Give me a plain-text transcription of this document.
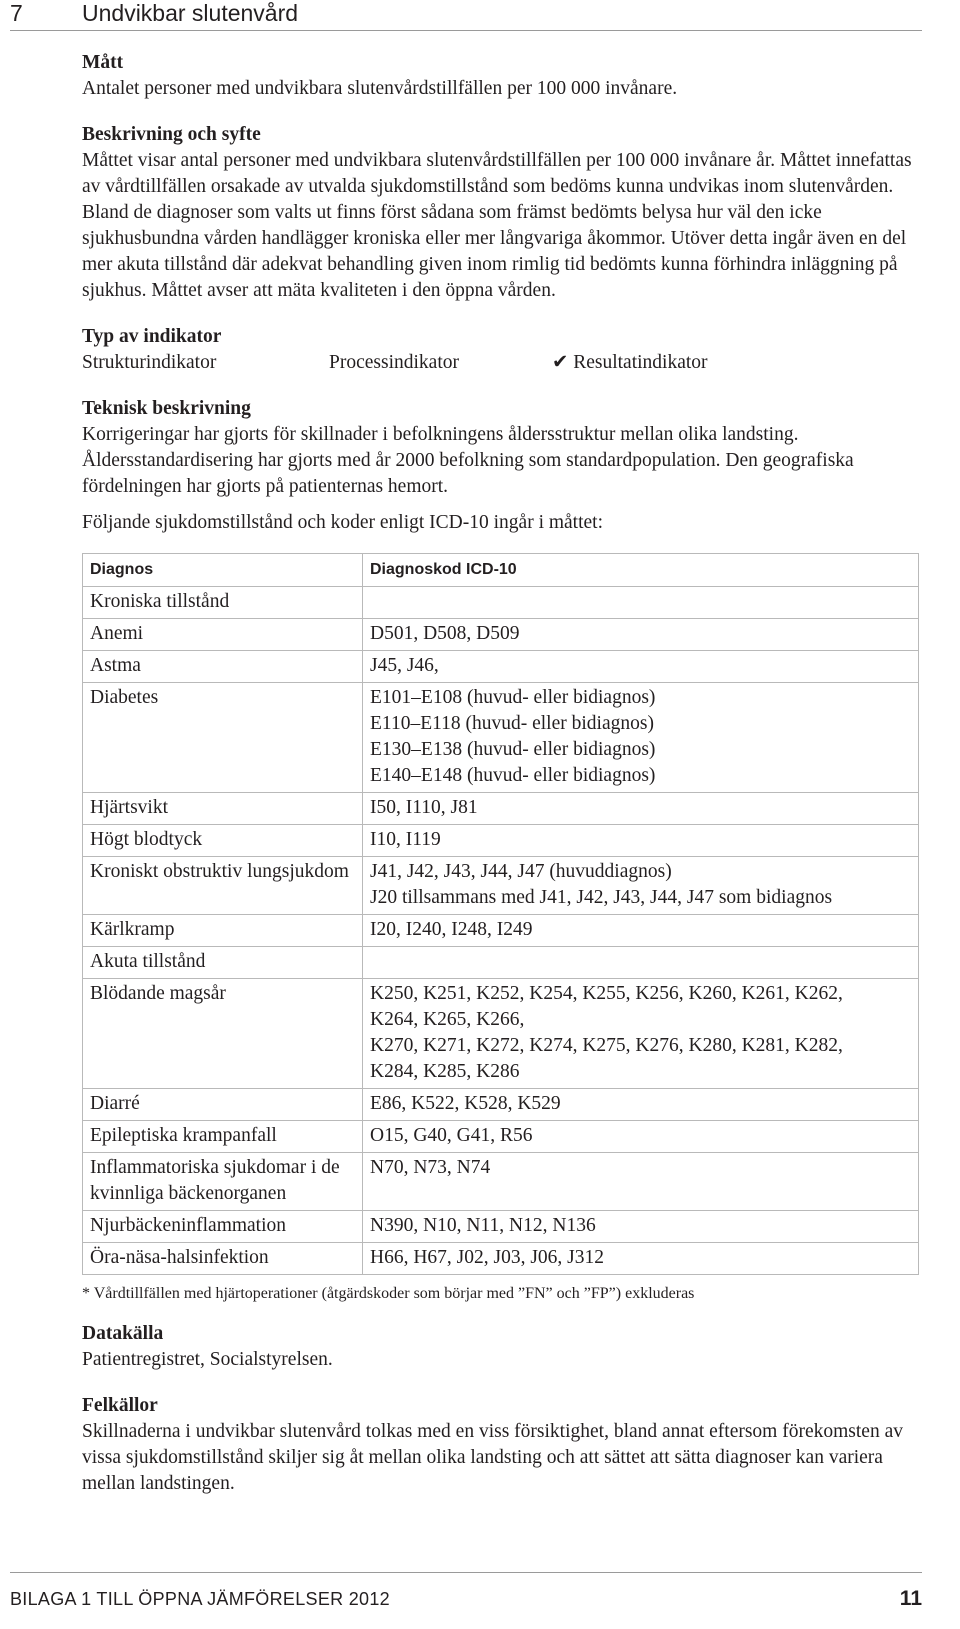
7	Undvikbar slutenvård
Mått
Antalet personer med undvikbara slutenvårdstillfällen per 100 000 invånare.
Beskrivning och syfte
Måttet visar antal personer med undvikbara slutenvårdstillfällen per 100 000 invånare år. Måttet innefattas av vårdtillfällen orsakade av utvalda sjukdomstillstånd som bedöms kunna undvikas inom slutenvården. Bland de diagnoser som valts ut finns först sådana som främst bedömts belysa hur väl den icke sjukhusbundna vården handlägger kroniska eller mer långvariga åkommor. Utöver detta ingår även en del mer akuta tillstånd där adekvat behandling given inom rimlig tid bedömts kunna förhindra inläggning på sjukhus. Måttet avser att mäta kvaliteten i den öppna vården.
Typ av indikator
Strukturindikator	Processindikator	✔ Resultatindikator
Teknisk beskrivning
Korrigeringar har gjorts för skillnader i befolkningens åldersstruktur mellan olika landsting. Åldersstandardisering har gjorts med år 2000 befolkning som standardpopulation. Den geografiska fördelningen har gjorts på patienternas hemort.
Följande sjukdomstillstånd och koder enligt ICD-10 ingår i måttet:
Diagnos	Diagnoskod ICD-10
Kroniska tillstånd	
Anemi	D501, D508, D509
Astma	J45, J46,
Diabetes	E101–E108 (huvud- eller bidiagnos)
E110–E118 (huvud- eller bidiagnos)
E130–E138 (huvud- eller bidiagnos)
E140–E148 (huvud- eller bidiagnos)
Hjärtsvikt	I50, I110, J81
Högt blodtyck	I10, I119
Kroniskt obstruktiv lungsjukdom	J41, J42, J43, J44, J47 (huvuddiagnos)
J20 tillsammans med J41, J42, J43, J44, J47 som bidiagnos
Kärlkramp	I20, I240, I248, I249
Akuta tillstånd	
Blödande magsår	K250, K251, K252, K254, K255, K256, K260, K261, K262,
K264, K265, K266,
K270, K271, K272, K274, K275, K276, K280, K281, K282,
K284, K285, K286
Diarré	E86, K522, K528, K529
Epileptiska krampanfall	O15, G40, G41, R56
Inflammatoriska sjukdomar i de kvinnliga bäckenorganen	N70, N73, N74
Njurbäckeninflammation	N390, N10, N11, N12, N136
Öra-näsa-halsinfektion	H66, H67, J02, J03, J06, J312
* Vårdtillfällen med hjärtoperationer (åtgärdskoder som börjar med ”FN” och ”FP”) exkluderas
Datakälla
Patientregistret, Socialstyrelsen.
Felkällor
Skillnaderna i undvikbar slutenvård tolkas med en viss försiktighet, bland annat eftersom förekomsten av vissa sjukdomstillstånd skiljer sig åt mellan olika landsting och att sättet att sätta diagnoser kan variera mellan landstingen.
BILAGA 1 TILL ÖPPNA JÄMFÖRELSER 2012	11
